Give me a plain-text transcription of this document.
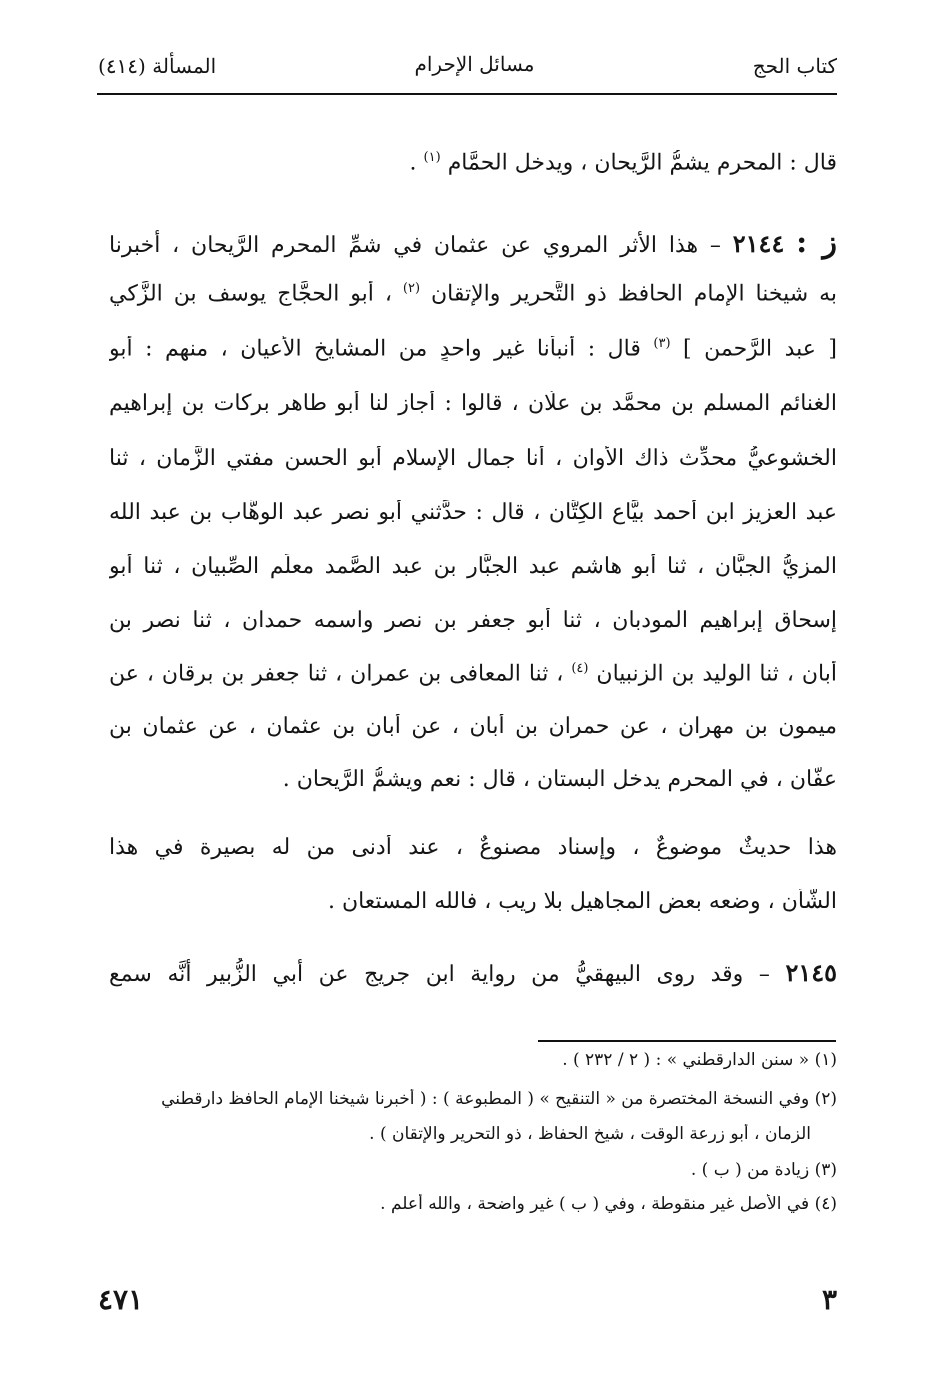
كتاب الحج
مسائل الإحرام
المسألة (٤١٤)
قال : المحرم يشمُّ الرَّيحان ، ويدخل الحمَّام $^{(١)}$ .
ز : ٢١٤٤ – هذا الأثر المروي عن عثمان في شمِّ المحرم الرَّيحان ، أخبرنا
به شيخنا الإمام الحافظ ذو التَّحرير والإتقان $^{(٢)}$ ، أبو الحجَّاج يوسف بن الزَّكي
[ عبد الرَّحمن ] $^{(٣)}$ قال : أنبأنا غير واحدٍ من المشايخ الأعيان ، منهم : أبو
الغنائم المسلم بن محمَّد بن علَّان ، قالوا : أجاز لنا أبو طاهر بركات بن إبراهيم
الخشوعيُّ محدِّث ذاك الأوان ، أنا جمال الإسلام أبو الحسن مفتي الزَّمان ، ثنا
عبد العزيز ابن أحمد بيَّاع الكِتَّان ، قال : حدَّثني أبو نصر عبد الوهَّاب بن عبد الله
المزيُّ الجبَّان ، ثنا أبو هاشم عبد الجبَّار بن عبد الصَّمد معلِّم الصِّبيان ، ثنا أبو
إسحاق إبراهيم المودبان ، ثنا أبو جعفر بن نصر واسمه حمدان ، ثنا نصر بن
أبان ، ثنا الوليد بن الزنبيان $^{(٤)}$ ، ثنا المعافى بن عمران ، ثنا جعفر بن برقان ، عن
ميمون بن مهران ، عن حمران بن أبان ، عن أبان بن عثمان ، عن عثمان بن
عفَّان ، في المحرم يدخل البستان ، قال : نعم ويشمُّ الرَّيحان .
هذا حديثٌ موضوعٌ ، وإسناد مصنوعٌ ، عند أدنى من له بصيرة في هذا
الشَّأن ، وضعه بعض المجاهيل بلا ريب ، فالله المستعان .
٢١٤٥ – وقد روى البيهقيُّ من رواية ابن جريج عن أبي الزُّبير أنَّه سمع
(١) « سنن الدارقطني » : ( ٢ / ٢٣٢ ) .
(٢) وفي النسخة المختصرة من « التنقيح » ( المطبوعة ) : ( أخبرنا شيخنا الإمام الحافظ دارقطني
الزمان ، أبو زرعة الوقت ، شيخ الحفاظ ، ذو التحرير والإتقان ) .
(٣) زيادة من ( ب ) .
(٤) في الأصل غير منقوطة ، وفي ( ب ) غير واضحة ، والله أعلم .
٤٧١	٣
